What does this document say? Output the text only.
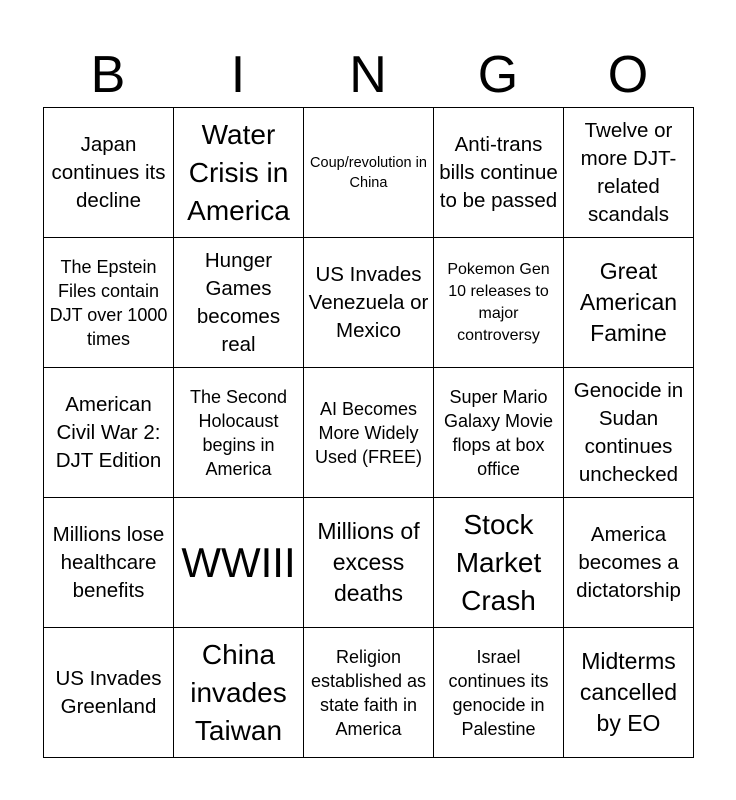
B	I	N	G	O
Japan continues its decline	Water Crisis in America	Coup/revolution in China	Anti-trans bills continue to be passed	Twelve or more DJT-related scandals

The Epstein Files contain DJT over 1000 times	Hunger Games becomes real	US Invades Venezuela or Mexico	Pokemon Gen 10 releases to major controversy	Great American Famine

American Civil War 2: DJT Edition	The Second Holocaust begins in America	AI Becomes More Widely Used (FREE)	Super Mario Galaxy Movie flops at box office	Genocide in Sudan continues unchecked

Millions lose healthcare benefits	WWIII	Millions of excess deaths	Stock Market Crash	America becomes a dictatorship

US Invades Greenland	China invades Taiwan	Religion established as state faith in America	Israel continues its genocide in Palestine	Midterms cancelled by EO
